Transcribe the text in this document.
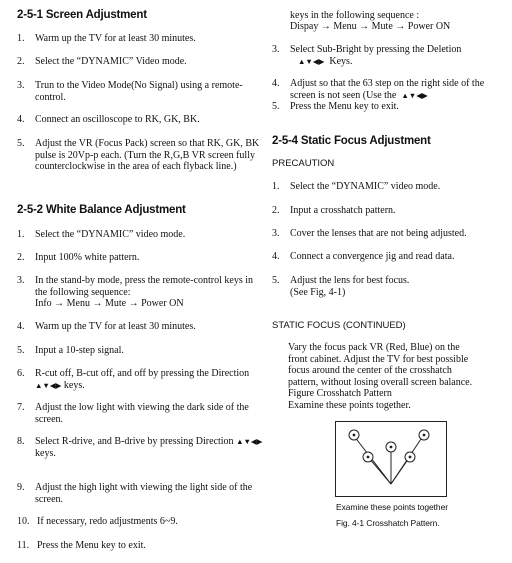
2-5-1 Screen Adjustment
1. Warm up the TV for at least 30 minutes.
2. Select the “DYNAMIC” Video mode.
3. Trun to the Video Mode(No Signal) using a remote-control.
4. Connect an oscilloscope to RK, GK, BK.
5. Adjust the VR (Focus Pack) screen so that RK, GK, BK pulse is 20Vp-p each. (Turn the R,G,B VR screen fully counterclockwise in the area of each flyback line.)
2-5-2 White Balance Adjustment
1. Select the “DYNAMIC” video mode.
2. Input 100% white pattern.
3. In the stand-by mode, press the remote-control keys in the following sequence:
Info → Menu → Mute → Power ON
4. Warm up the TV for at least 30 minutes.
5. Input a 10-step signal.
6. R-cut off, B-cut off, and off by pressing the Direction ▲▼◀▶ keys.
7. Adjust the low light with viewing the dark side of the screen.
8. Select R-drive, and B-drive by pressing Direction ▲▼◀▶ keys.
9. Adjust the high light with viewing the light side of the screen.
10. If necessary, redo adjustments 6~9.
11. Press the Menu key to exit.
keys in the following sequence :
Dispay → Menu → Mute → Power ON
3. Select Sub-Bright by pressing the Deletion
▲▼◀▶ Keys.
4. Adjust so that the 63 step on the right side of the screen is not seen (Use the ▲▼◀▶
5. Press the Menu key to exit.
2-5-4 Static Focus Adjustment
PRECAUTION
1. Select the “DYNAMIC” video mode.
2. Input a crosshatch pattern.
3. Cover the lenses that are not being adjusted.
4. Connect a convergence jig and read data.
5. Adjust the lens for best focus.
(See Fig, 4-1)
STATIC FOCUS (CONTINUED)
Vary the focus pack VR (Red, Blue) on the
front cabinet. Adjust the TV for best possible
focus around the center of the crosshatch
pattern, without losing overall screen balance.
Figure Crosshatch Pattern
Examine these points together.
Examine these points together
Fig. 4-1 Crosshatch Pattern.
